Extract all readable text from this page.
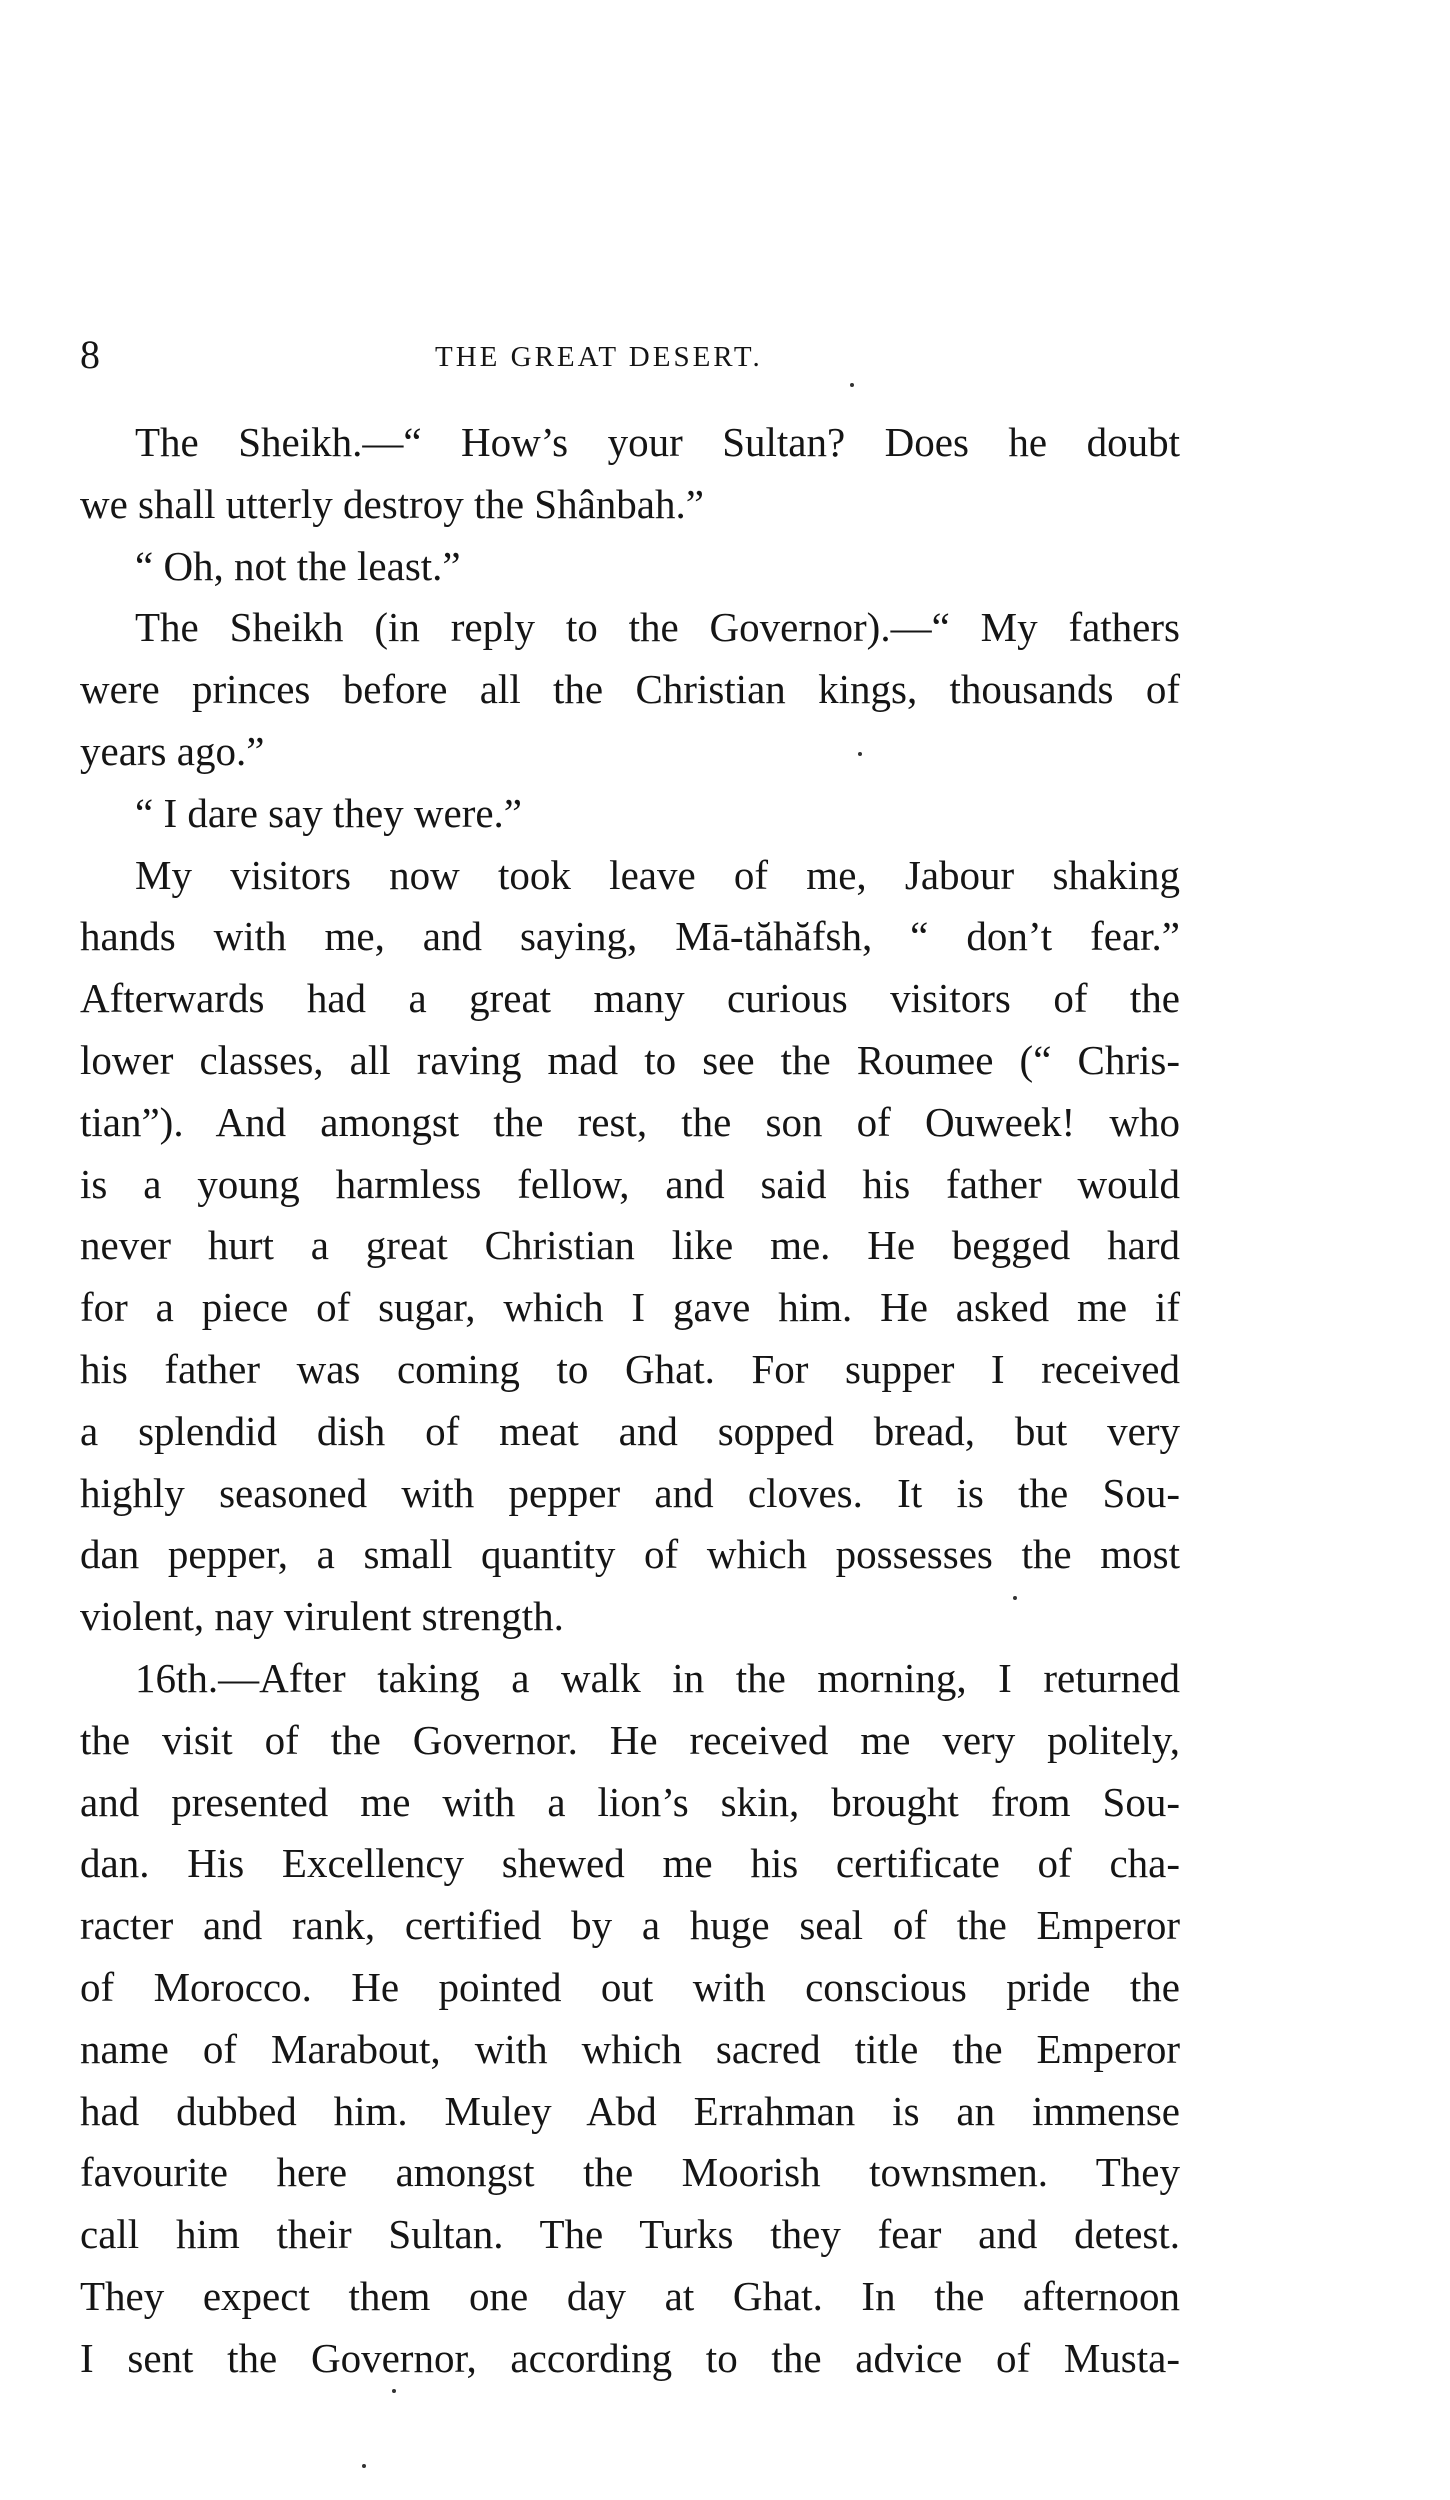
8	THE GREAT DESERT.
The Sheikh.—“ How’s your Sultan? Does he doubt
we shall utterly destroy the Shânbah.”
“ Oh, not the least.”
The Sheikh (in reply to the Governor).—“ My fathers
were princes before all the Christian kings, thousands of
years ago.”
“ I dare say they were.”
My visitors now took leave of me, Jabour shaking
hands with me, and saying, Mā-tăhăfsh, “ don’t fear.”
Afterwards had a great many curious visitors of the
lower classes, all raving mad to see the Roumee (“ Chris-
tian”). And amongst the rest, the son of Ouweek! who
is a young harmless fellow, and said his father would
never hurt a great Christian like me. He begged hard
for a piece of sugar, which I gave him. He asked me if
his father was coming to Ghat. For supper I received
a splendid dish of meat and sopped bread, but very
highly seasoned with pepper and cloves. It is the Sou-
dan pepper, a small quantity of which possesses the most
violent, nay virulent strength.
16th.—After taking a walk in the morning, I returned
the visit of the Governor. He received me very politely,
and presented me with a lion’s skin, brought from Sou-
dan. His Excellency shewed me his certificate of cha-
racter and rank, certified by a huge seal of the Emperor
of Morocco. He pointed out with conscious pride the
name of Marabout, with which sacred title the Emperor
had dubbed him. Muley Abd Errahman is an immense
favourite here amongst the Moorish townsmen. They
call him their Sultan. The Turks they fear and detest.
They expect them one day at Ghat. In the afternoon
I sent the Governor, according to the advice of Musta-
